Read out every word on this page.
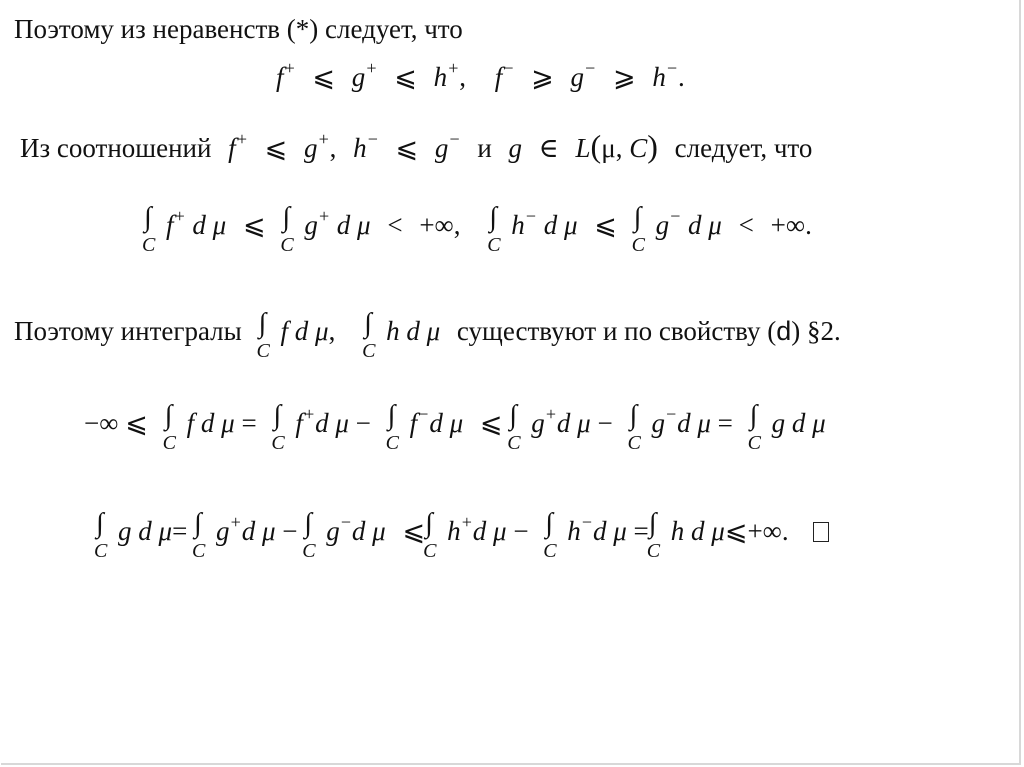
Поэтому из неравенств (*) следует, что
f+ ⩽ g+ ⩽ h+, f− ⩾ g− ⩾ h−.
Из соотношений f+ ⩽ g+, h− ⩽ g− и g ∈ L(μ, C) следует, что
∫
C
f+ d μ ⩽ ∫
C
g+ d μ < +∞, ∫
C
h− d μ ⩽ ∫
C
g− d μ < +∞.
Поэтому интегралы ∫
C
f d μ, ∫
C
h d μ существуют и по свойству (d) §2.
−∞ ⩽ ∫
C
f d μ = ∫
C
f+d μ − ∫
C
f−d μ ⩽ ∫
C
g+d μ − ∫
C
g−d μ = ∫
C
g d μ
∫
C
g d μ= ∫
C
g+d μ − ∫
C
g−d μ ⩽ ∫
C
h+d μ − ∫
C
h−d μ = ∫
C
h d μ⩽+∞.
